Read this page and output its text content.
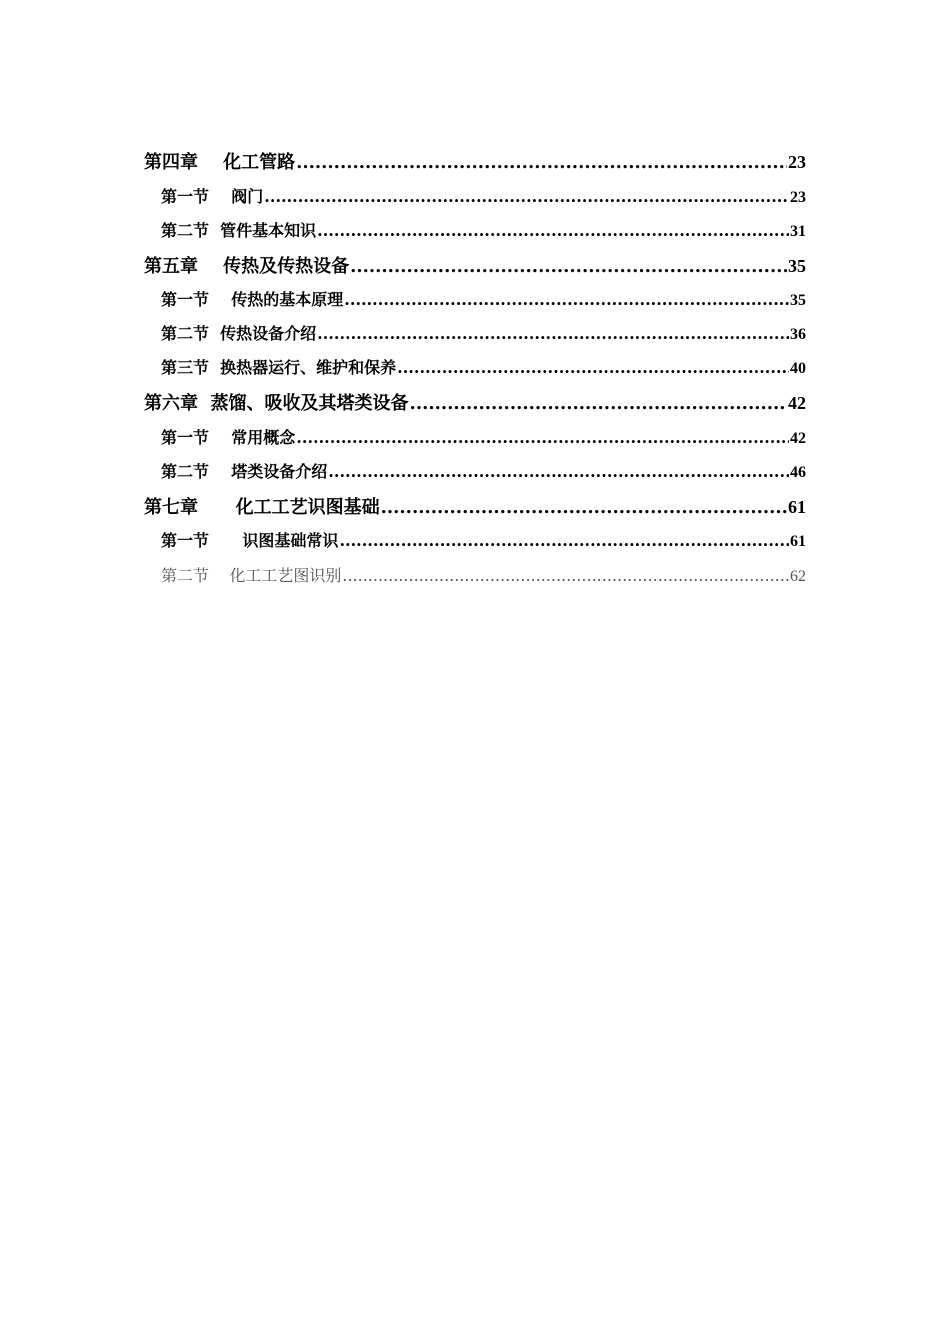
第四章    化工管路 .....	23
第一节    阀门 .....	23
第二节  管件基本知识 .....	31
第五章    传热及传热设备 .....	35
第一节    传热的基本原理 .....	35
第二节  传热设备介绍 .....	36
第三节  换热器运行、维护和保养 .....	40
第六章  蒸馏、吸收及其塔类设备 .....	42
第一节    常用概念 .....	42
第二节    塔类设备介绍 .....	46
第七章      化工工艺识图基础 .....	61
第一节      识图基础常识 .....	61
第二节    化工工艺图识别 .....	62
